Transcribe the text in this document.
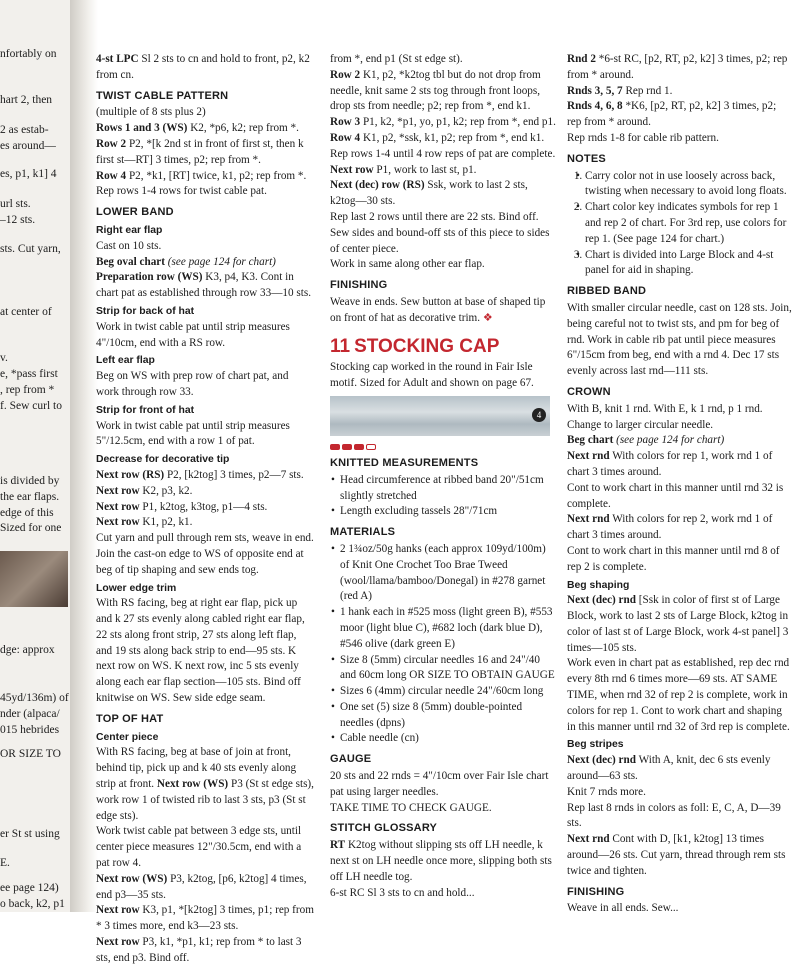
nfortably on
hart 2, then
2 as estab-
es around—
es, p1, k1] 4
url sts.
–12 sts.
sts. Cut yarn,
at center of
v.
e, *pass first
, rep from *
f. Sew curl to
is divided by
the ear flaps.
edge of this
Sized for one
dge: approx
45yd/136m) of
nder (alpaca/
015 hebrides
OR SIZE TO
er St st using
E.
ee page 124)
o back, k2, p1

4-st LPC Sl 2 sts to cn and hold to front, p2, k2 from cn.

TWIST CABLE PATTERN

(multiple of 8 sts plus 2)

Rows 1 and 3 (WS) K2, *p6, k2; rep from *.

Row 2 P2, *[k 2nd st in front of first st, then k first st—RT] 3 times, p2; rep from *.

Row 4 P2, *k1, [RT] twice, k1, p2; rep from *. Rep rows 1-4 rows for twist cable pat.

LOWER BAND
Right ear flap

Cast on 10 sts.

Beg oval chart (see page 124 for chart)

Preparation row (WS) K3, p4, K3. Cont in chart pat as established through row 33—10 sts.

Strip for back of hat

Work in twist cable pat until strip measures 4"/10cm, end with a RS row.

Left ear flap

Beg on WS with prep row of chart pat, and work through row 33.

Strip for front of hat

Work in twist cable pat until strip measures 5"/12.5cm, end with a row 1 of pat.

Decrease for decorative tip

Next row (RS) P2, [k2tog] 3 times, p2—7 sts.

Next row K2, p3, k2.

Next row P1, k2tog, k3tog, p1—4 sts.

Next row K1, p2, k1.

Cut yarn and pull through rem sts, weave in end. Join the cast-on edge to WS of opposite end at beg of tip shaping and sew ends tog.

Lower edge trim

With RS facing, beg at right ear flap, pick up and k 27 sts evenly along cabled right ear flap, 22 sts along front strip, 27 sts along left flap, and 19 sts along back strip to end—95 sts. K next row on WS. K next row, inc 5 sts evenly along each ear flap section—105 sts. Bind off knitwise on WS. Sew side edge seam.

TOP OF HAT
Center piece

With RS facing, beg at base of join at front, behind tip, pick up and k 40 sts evenly along strip at front. Next row (WS) P3 (St st edge sts), work row 1 of twisted rib to last 3 sts, p3 (St st edge sts).

Work twist cable pat between 3 edge sts, until center piece measures 12"/30.5cm, end with a pat row 4.

Next row (WS) P3, k2tog, [p6, k2tog] 4 times, end p3—35 sts.

Next row K3, p1, *[k2tog] 3 times, p1; rep from * 3 times more, end k3—23 sts.

Next row P3, k1, *p1, k1; rep from * to last 3 sts, end p3. Bind off.

from *, end p1 (St st edge st).

Row 2 K1, p2, *k2tog tbl but do not drop from needle, knit same 2 sts tog through front loops, drop sts from needle; p2; rep from *, end k1.

Row 3 P1, k2, *p1, yo, p1, k2; rep from *, end p1.

Row 4 K1, p2, *ssk, k1, p2; rep from *, end k1. Rep rows 1-4 until 4 row reps of pat are complete.

Next row P1, work to last st, p1.

Next (dec) row (RS) Ssk, work to last 2 sts, k2tog—30 sts.

Rep last 2 rows until there are 22 sts. Bind off. Sew sides and bound-off sts of this piece to sides of center piece.

Work in same along other ear flap.

FINISHING

Weave in ends. Sew button at base of shaped tip on front of hat as decorative trim. ❖

11 STOCKING CAP

Stocking cap worked in the round in Fair Isle motif. Sized for Adult and shown on page 67.

4
KNITTED MEASUREMENTS
• Head circumference at ribbed band 20"/51cm slightly stretched
• Length excluding tassels 28"/71cm
MATERIALS
• 2 1¾oz/50g hanks (each approx 109yd/100m) of Knit One Crochet Too Brae Tweed (wool/llama/bamboo/Donegal) in #278 garnet (red A)
• 1 hank each in #525 moss (light green B), #553 moor (light blue C), #682 loch (dark blue D), #546 olive (dark green E)
• Size 8 (5mm) circular needles 16 and 24"/40 and 60cm long OR SIZE TO OBTAIN GAUGE
• Sizes 6 (4mm) circular needle 24"/60cm long
• One set (5) size 8 (5mm) double-pointed needles (dpns)
• Cable needle (cn)
GAUGE

20 sts and 22 rnds = 4"/10cm over Fair Isle chart pat using larger needles.

TAKE TIME TO CHECK GAUGE.

STITCH GLOSSARY

RT K2tog without slipping sts off LH needle, k next st on LH needle once more, slipping both sts off LH needle tog.

6-st RC Sl 3 sts to cn and hold...

Rnd 2 *6-st RC, [p2, RT, p2, k2] 3 times, p2; rep from * around.

Rnds 3, 5, 7 Rep rnd 1.

Rnds 4, 6, 8 *K6, [p2, RT, p2, k2] 3 times, p2; rep from * around.

Rep rnds 1-8 for cable rib pattern.

NOTES
• 1. Carry color not in use loosely across back, twisting when necessary to avoid long floats.
• 2. Chart color key indicates symbols for rep 1 and rep 2 of chart. For 3rd rep, use colors for rep 1. (See page 124 for chart.)
• 3. Chart is divided into Large Block and 4-st panel for aid in shaping.
RIBBED BAND

With smaller circular needle, cast on 128 sts. Join, being careful not to twist sts, and pm for beg of rnd. Work in cable rib pat until piece measures 6"/15cm from beg, end with a rnd 4. Dec 17 sts evenly across last rnd—111 sts.

CROWN

With B, knit 1 rnd. With E, k 1 rnd, p 1 rnd. Change to larger circular needle.

Beg chart (see page 124 for chart)

Next rnd With colors for rep 1, work rnd 1 of chart 3 times around.

Cont to work chart in this manner until rnd 32 is complete.

Next rnd With colors for rep 2, work rnd 1 of chart 3 times around.

Cont to work chart in this manner until rnd 8 of rep 2 is complete.

Beg shaping

Next (dec) rnd [Ssk in color of first st of Large Block, work to last 2 sts of Large Block, k2tog in color of last st of Large Block, work 4-st panel] 3 times—105 sts.

Work even in chart pat as established, rep dec rnd every 8th rnd 6 times more—69 sts. AT SAME TIME, when rnd 32 of rep 2 is complete, work in colors for rep 1. Cont to work chart and shaping in this manner until rnd 32 of 3rd rep is complete.

Beg stripes

Next (dec) rnd With A, knit, dec 6 sts evenly around—63 sts.

Knit 7 rnds more.

Rep last 8 rnds in colors as foll: E, C, A, D—39 sts.

Next rnd Cont with D, [k1, k2tog] 13 times around—26 sts. Cut yarn, thread through rem sts twice and tighten.

FINISHING

Weave in all ends. Sew...
